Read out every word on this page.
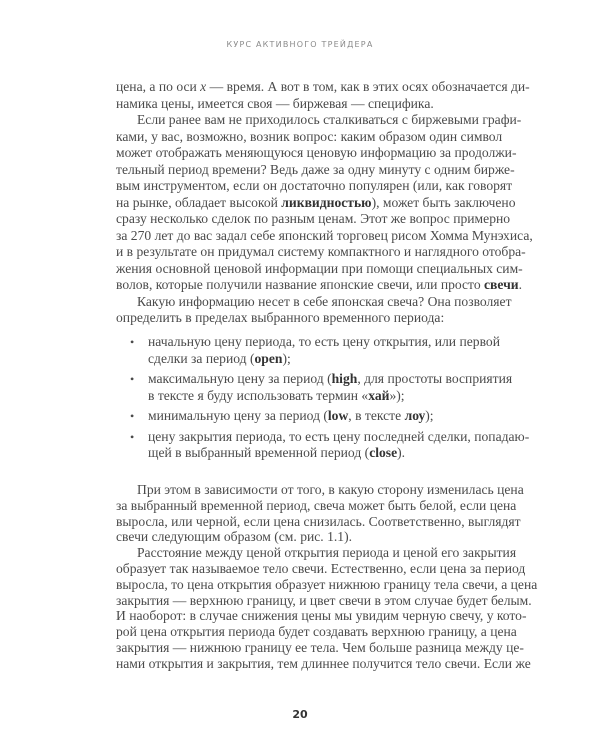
КУРС АКТИВНОГО ТРЕЙДЕРА
цена, а по оси x — время. А вот в том, как в этих осях обозначается ди-
намика цены, имеется своя — биржевая — специфика.
Если ранее вам не приходилось сталкиваться с биржевыми графи-
ками, у вас, возможно, возник вопрос: каким образом один символ
может отображать меняющуюся ценовую информацию за продолжи-
тельный период времени? Ведь даже за одну минуту с одним бирже-
вым инструментом, если он достаточно популярен (или, как говорят
на рынке, обладает высокой ликвидностью), может быть заключено
сразу несколько сделок по разным ценам. Этот же вопрос примерно
за 270 лет до вас задал себе японский торговец рисом Хомма Мунэхиса,
и в результате он придумал систему компактного и наглядного отобра-
жения основной ценовой информации при помощи специальных сим-
волов, которые получили название японские свечи, или просто свечи.
Какую информацию несет в себе японская свеча? Она позволяет
определить в пределах выбранного временного периода:
• начальную цену периода, то есть цену открытия, или первой
сделки за период (open);
• максимальную цену за период (high, для простоты восприятия
в тексте я буду использовать термин «хай»);
• минимальную цену за период (low, в тексте лоу);
• цену закрытия периода, то есть цену последней сделки, попадаю-
щей в выбранный временной период (close).
При этом в зависимости от того, в какую сторону изменилась цена
за выбранный временной период, свеча может быть белой, если цена
выросла, или черной, если цена снизилась. Соответственно, выглядят
свечи следующим образом (см. рис. 1.1).
Расстояние между ценой открытия периода и ценой его закрытия
образует так называемое тело свечи. Естественно, если цена за период
выросла, то цена открытия образует нижнюю границу тела свечи, а цена
закрытия — верхнюю границу, и цвет свечи в этом случае будет белым.
И наоборот: в случае снижения цены мы увидим черную свечу, у кото-
рой цена открытия периода будет создавать верхнюю границу, а цена
закрытия — нижнюю границу ее тела. Чем больше разница между це-
нами открытия и закрытия, тем длиннее получится тело свечи. Если же
20
